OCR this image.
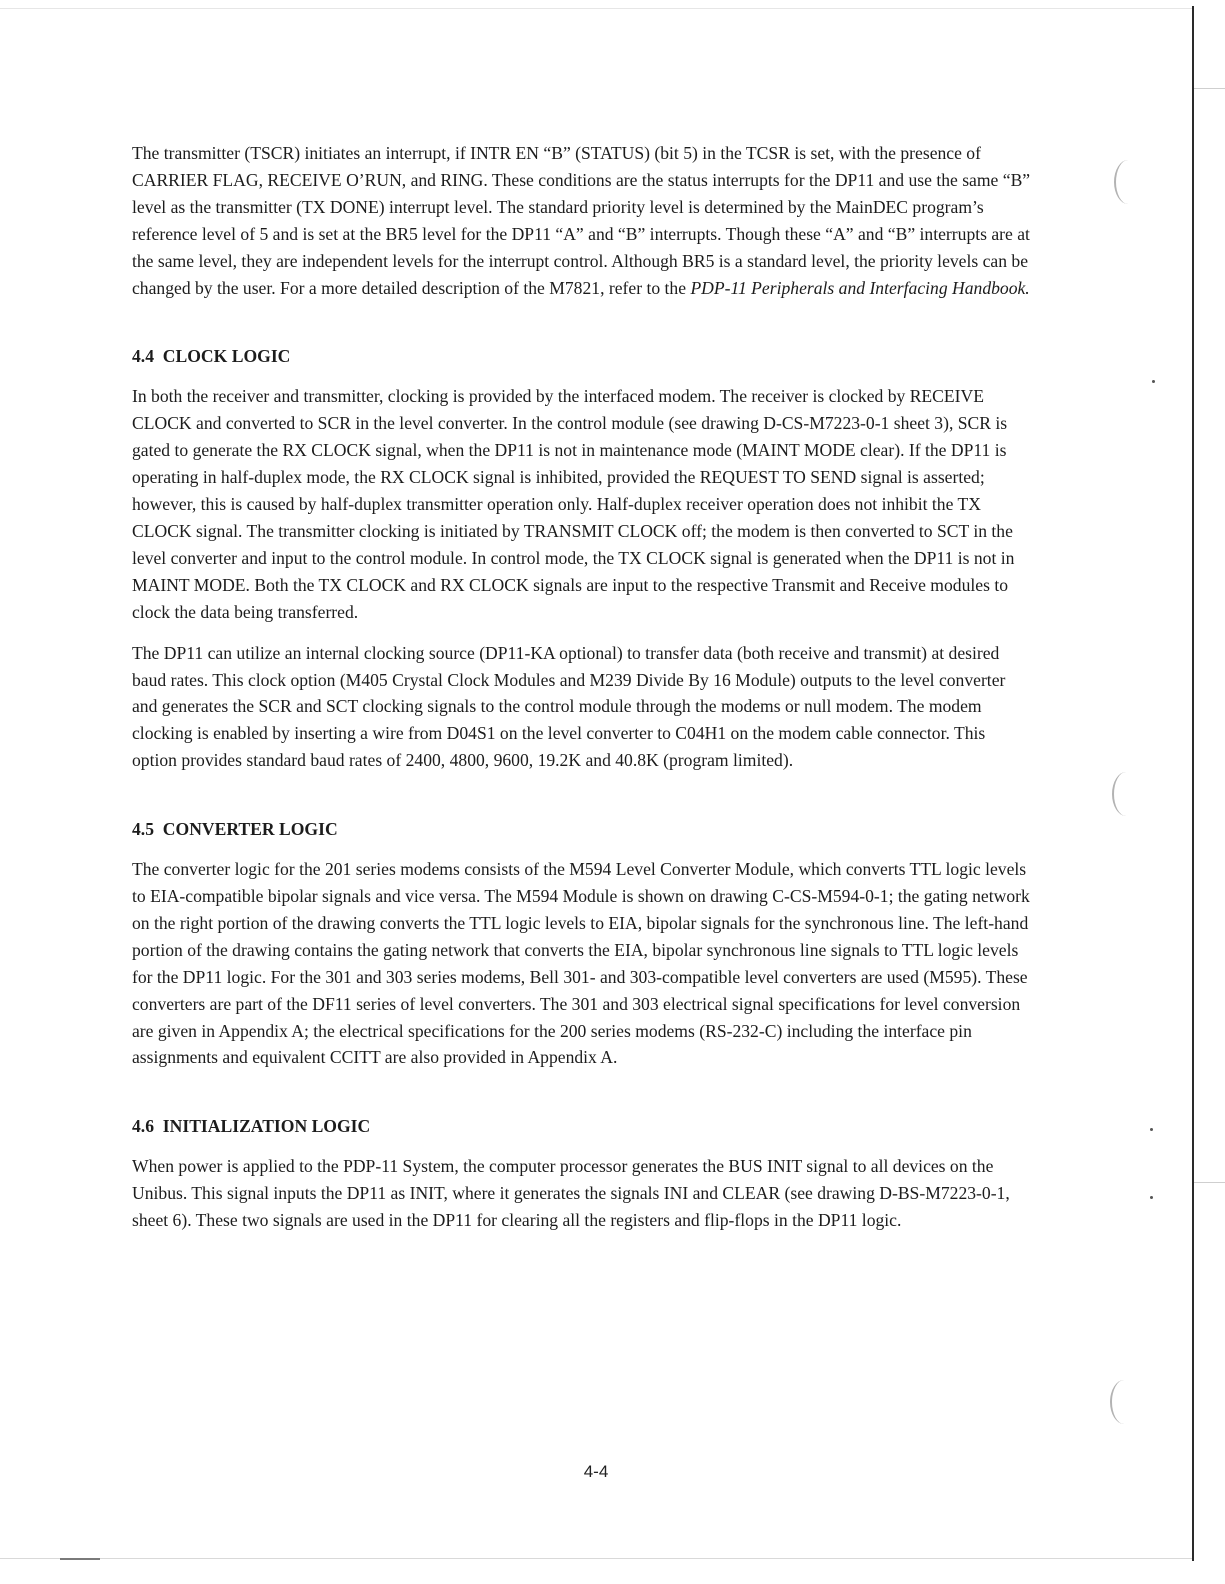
The transmitter (TSCR) initiates an interrupt, if INTR EN “B” (STATUS) (bit 5) in the TCSR is set, with the presence of CARRIER FLAG, RECEIVE O’RUN, and RING. These conditions are the status interrupts for the DP11 and use the same “B” level as the transmitter (TX DONE) interrupt level. The standard priority level is determined by the MainDEC program’s reference level of 5 and is set at the BR5 level for the DP11 “A” and “B” interrupts. Though these “A” and “B” interrupts are at the same level, they are independent levels for the interrupt control. Although BR5 is a standard level, the priority levels can be changed by the user. For a more detailed description of the M7821, refer to the PDP-11 Peripherals and Interfacing Handbook.

4.4 CLOCK LOGIC

In both the receiver and transmitter, clocking is provided by the interfaced modem. The receiver is clocked by RECEIVE CLOCK and converted to SCR in the level converter. In the control module (see drawing D-CS-M7223-0-1 sheet 3), SCR is gated to generate the RX CLOCK signal, when the DP11 is not in maintenance mode (MAINT MODE clear). If the DP11 is operating in half-duplex mode, the RX CLOCK signal is inhibited, provided the REQUEST TO SEND signal is asserted; however, this is caused by half-duplex transmitter operation only. Half-duplex receiver operation does not inhibit the TX CLOCK signal. The transmitter clocking is initiated by TRANSMIT CLOCK off; the modem is then converted to SCT in the level converter and input to the control module. In control mode, the TX CLOCK signal is generated when the DP11 is not in MAINT MODE. Both the TX CLOCK and RX CLOCK signals are input to the respective Transmit and Receive modules to clock the data being transferred.

The DP11 can utilize an internal clocking source (DP11-KA optional) to transfer data (both receive and transmit) at desired baud rates. This clock option (M405 Crystal Clock Modules and M239 Divide By 16 Module) outputs to the level converter and generates the SCR and SCT clocking signals to the control module through the modems or null modem. The modem clocking is enabled by inserting a wire from D04S1 on the level converter to C04H1 on the modem cable connector. This option provides standard baud rates of 2400, 4800, 9600, 19.2K and 40.8K (program limited).

4.5 CONVERTER LOGIC

The converter logic for the 201 series modems consists of the M594 Level Converter Module, which converts TTL logic levels to EIA-compatible bipolar signals and vice versa. The M594 Module is shown on drawing C-CS-M594-0-1; the gating network on the right portion of the drawing converts the TTL logic levels to EIA, bipolar signals for the synchronous line. The left-hand portion of the drawing contains the gating network that converts the EIA, bipolar synchronous line signals to TTL logic levels for the DP11 logic. For the 301 and 303 series modems, Bell 301- and 303-compatible level converters are used (M595). These converters are part of the DF11 series of level converters. The 301 and 303 electrical signal specifications for level conversion are given in Appendix A; the electrical specifications for the 200 series modems (RS-232-C) including the interface pin assignments and equivalent CCITT are also provided in Appendix A.

4.6 INITIALIZATION LOGIC

When power is applied to the PDP-11 System, the computer processor generates the BUS INIT signal to all devices on the Unibus. This signal inputs the DP11 as INIT, where it generates the signals INI and CLEAR (see drawing D-BS-M7223-0-1, sheet 6). These two signals are used in the DP11 for clearing all the registers and flip-flops in the DP11 logic.

4-4
